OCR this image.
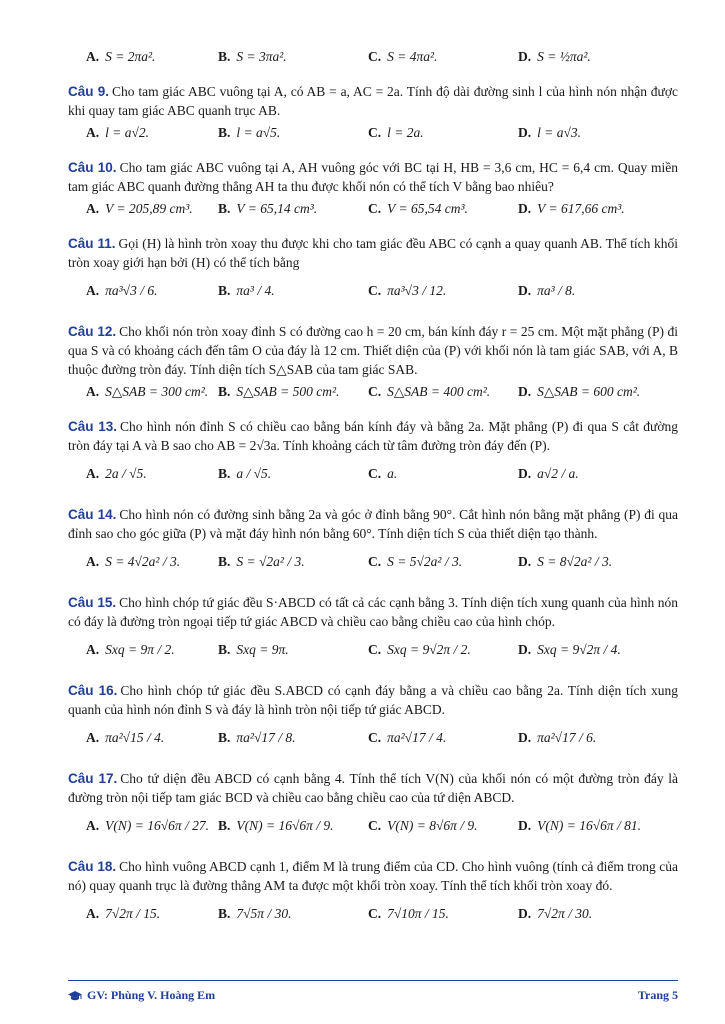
A. S = 2πa².	B. S = 3πa².	C. S = 4πa².	D. S = ½πa².
Câu 9. Cho tam giác ABC vuông tại A, có AB = a, AC = 2a. Tính độ dài đường sinh l của hình nón nhận được khi quay tam giác ABC quanh trục AB.
A. l = a√2.	B. l = a√5.	C. l = 2a.	D. l = a√3.
Câu 10. Cho tam giác ABC vuông tại A, AH vuông góc với BC tại H, HB = 3,6 cm, HC = 6,4 cm. Quay miền tam giác ABC quanh đường thẳng AH ta thu được khối nón có thể tích V bằng bao nhiêu?
A. V = 205,89 cm³. B. V = 65,14 cm³.	C. V = 65,54 cm³.	D. V = 617,66 cm³.
Câu 11. Gọi (H) là hình tròn xoay thu được khi cho tam giác đều ABC có cạnh a quay quanh AB. Thể tích khối tròn xoay giới hạn bởi (H) có thể tích bằng
A. πa³√3 / 6.	B. πa³ / 4.	C. πa³√3 / 12.	D. πa³ / 8.
Câu 12. Cho khối nón tròn xoay đỉnh S có đường cao h = 20 cm, bán kính đáy r = 25 cm. Một mặt phẳng (P) đi qua S và có khoảng cách đến tâm O của đáy là 12 cm. Thiết diện của (P) với khối nón là tam giác SAB, với A, B thuộc đường tròn đáy. Tính diện tích S△SAB của tam giác SAB.
A. S△SAB = 300 cm². B. S△SAB = 500 cm². C. S△SAB = 400 cm². D. S△SAB = 600 cm².
Câu 13. Cho hình nón đỉnh S có chiều cao bằng bán kính đáy và bằng 2a. Mặt phẳng (P) đi qua S cắt đường tròn đáy tại A và B sao cho AB = 2√3a. Tính khoảng cách từ tâm đường tròn đáy đến (P).
A. 2a / √5.	B. a / √5.	C. a.	D. a√2 / a.
Câu 14. Cho hình nón có đường sinh bằng 2a và góc ở đỉnh bằng 90°. Cắt hình nón bằng mặt phẳng (P) đi qua đỉnh sao cho góc giữa (P) và mặt đáy hình nón bằng 60°. Tính diện tích S của thiết diện tạo thành.
A. S = 4√2a² / 3.	B. S = √2a² / 3.	C. S = 5√2a² / 3.	D. S = 8√2a² / 3.
Câu 15. Cho hình chóp tứ giác đều S·ABCD có tất cả các cạnh bằng 3. Tính diện tích xung quanh của hình nón có đáy là đường tròn ngoại tiếp tứ giác ABCD và chiều cao bằng chiều cao của hình chóp.
A. Sxq = 9π / 2.	B. Sxq = 9π.	C. Sxq = 9√2π / 2.	D. Sxq = 9√2π / 4.
Câu 16. Cho hình chóp tứ giác đều S.ABCD có cạnh đáy bằng a và chiều cao bằng 2a. Tính diện tích xung quanh của hình nón đỉnh S và đáy là hình tròn nội tiếp tứ giác ABCD.
A. πa²√15 / 4.	B. πa²√17 / 8.	C. πa²√17 / 4.	D. πa²√17 / 6.
Câu 17. Cho tứ diện đều ABCD có cạnh bằng 4. Tính thể tích V(N) của khối nón có một đường tròn đáy là đường tròn nội tiếp tam giác BCD và chiều cao bằng chiều cao của tứ diện ABCD.
A. V(N) = 16√6π / 27. B. V(N) = 16√6π / 9.	C. V(N) = 8√6π / 9.	D. V(N) = 16√6π / 81.
Câu 18. Cho hình vuông ABCD cạnh 1, điểm M là trung điểm của CD. Cho hình vuông (tính cả điểm trong của nó) quay quanh trục là đường thẳng AM ta được một khối tròn xoay. Tính thể tích khối tròn xoay đó.
A. 7√2π / 15.	B. 7√5π / 30.	C. 7√10π / 15.	D. 7√2π / 30.
GV: Phùng V. Hoàng Em	Trang 5
